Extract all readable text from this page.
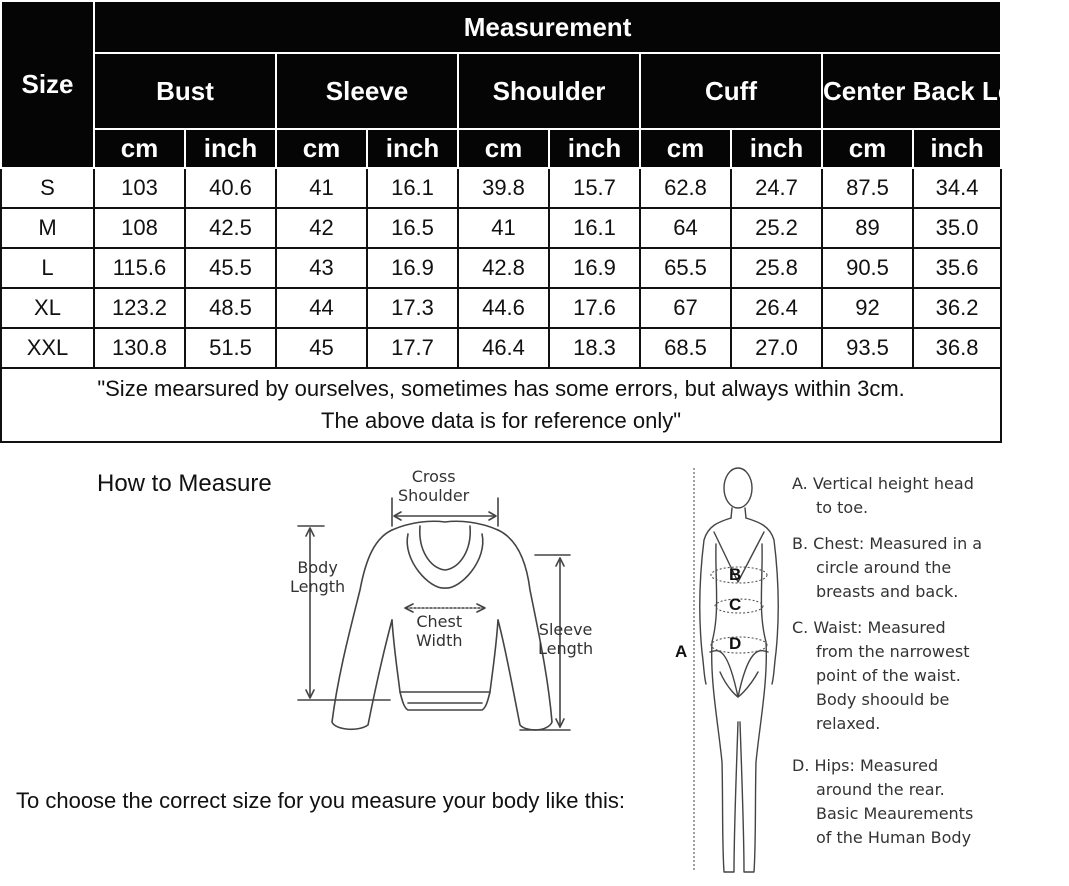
Size	Measurement									
	Bust		Sleeve		Shoulder		Cuff		Center Back Length	
	cm	inch	cm	inch	cm	inch	cm	inch	cm	inch
S	103	40.6	41	16.1	39.8	15.7	62.8	24.7	87.5	34.4
M	108	42.5	42	16.5	41	16.1	64	25.2	89	35.0
L	115.6	45.5	43	16.9	42.8	16.9	65.5	25.8	90.5	35.6
XL	123.2	48.5	44	17.3	44.6	17.6	67	26.4	92	36.2
XXL	130.8	51.5	45	17.7	46.4	18.3	68.5	27.0	93.5	36.8
"Size mearsured by ourselves, sometimes has some errors, but always within 3cm.
The above data is for reference only"										
How to Measure	Cross
Shoulder
Body
Length
Chest
Width
Sleeve
Length	A
B
C
D
A. Vertical height head
to toe.
B. Chest: Measured in a
circle around the
breasts and back.
C. Waist: Measured
from the narrowest
point of the waist.
Body shoould be
relaxed.
D. Hips: Measured
around the rear.
Basic Meaurements
of the Human Body
To choose the correct size for you measure your body like this:
